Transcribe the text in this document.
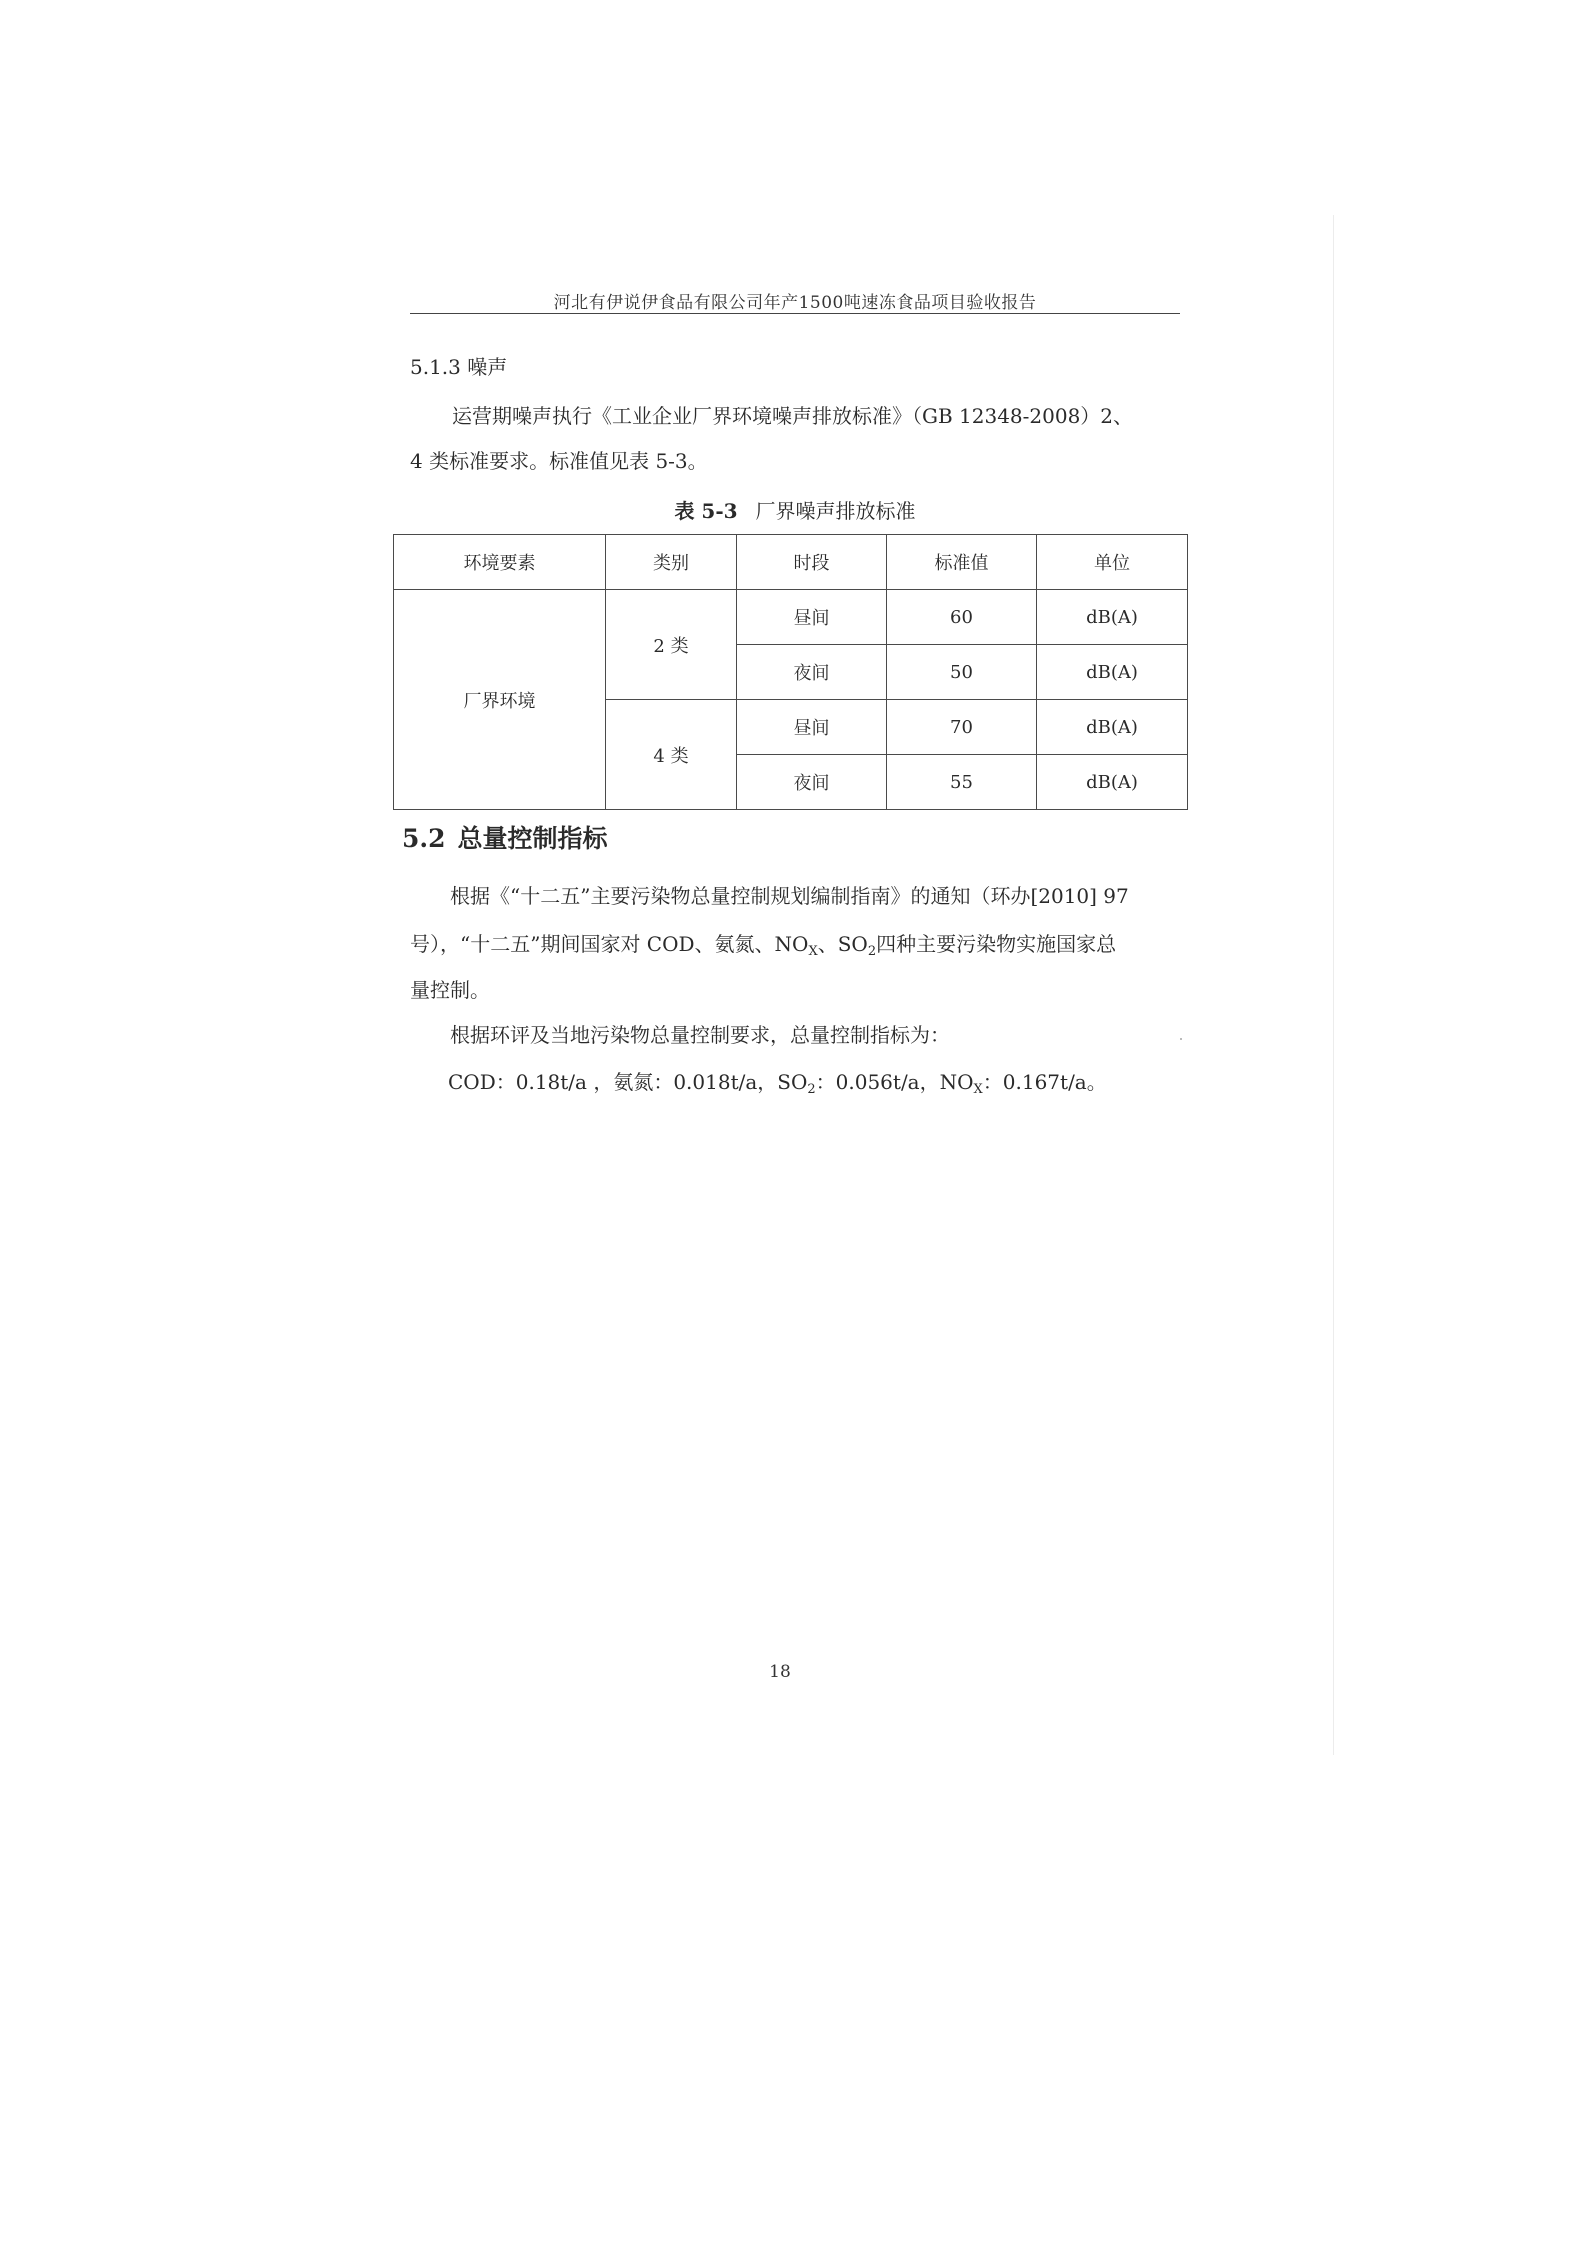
河北有伊说伊食品有限公司年产1500吨速冻食品项目验收报告
5.1.3 噪声
运营期噪声执行《工业企业厂界环境噪声排放标准》（GB 12348-2008）2、
4 类标准要求。标准值见表 5-3。
表 5-3 厂界噪声排放标准
环境要素	类别	时段	标准值	单位
厂界环境	2 类	昼间	60	dB(A)
		夜间	50	dB(A)
	4 类	昼间	70	dB(A)
		夜间	55	dB(A)
5.2 总量控制指标
根据《“十二五”主要污染物总量控制规划编制指南》的通知（环办[2010] 97
号），“十二五”期间国家对 COD、氨氮、$NO_X$、$SO_2$四种主要污染物实施国家总
量控制。
根据环评及当地污染物总量控制要求，总量控制指标为：
COD：0.18t/a ，氨氮：0.018t/a，$SO_2$：0.056t/a，$NO_X$：0.167t/a。
18
